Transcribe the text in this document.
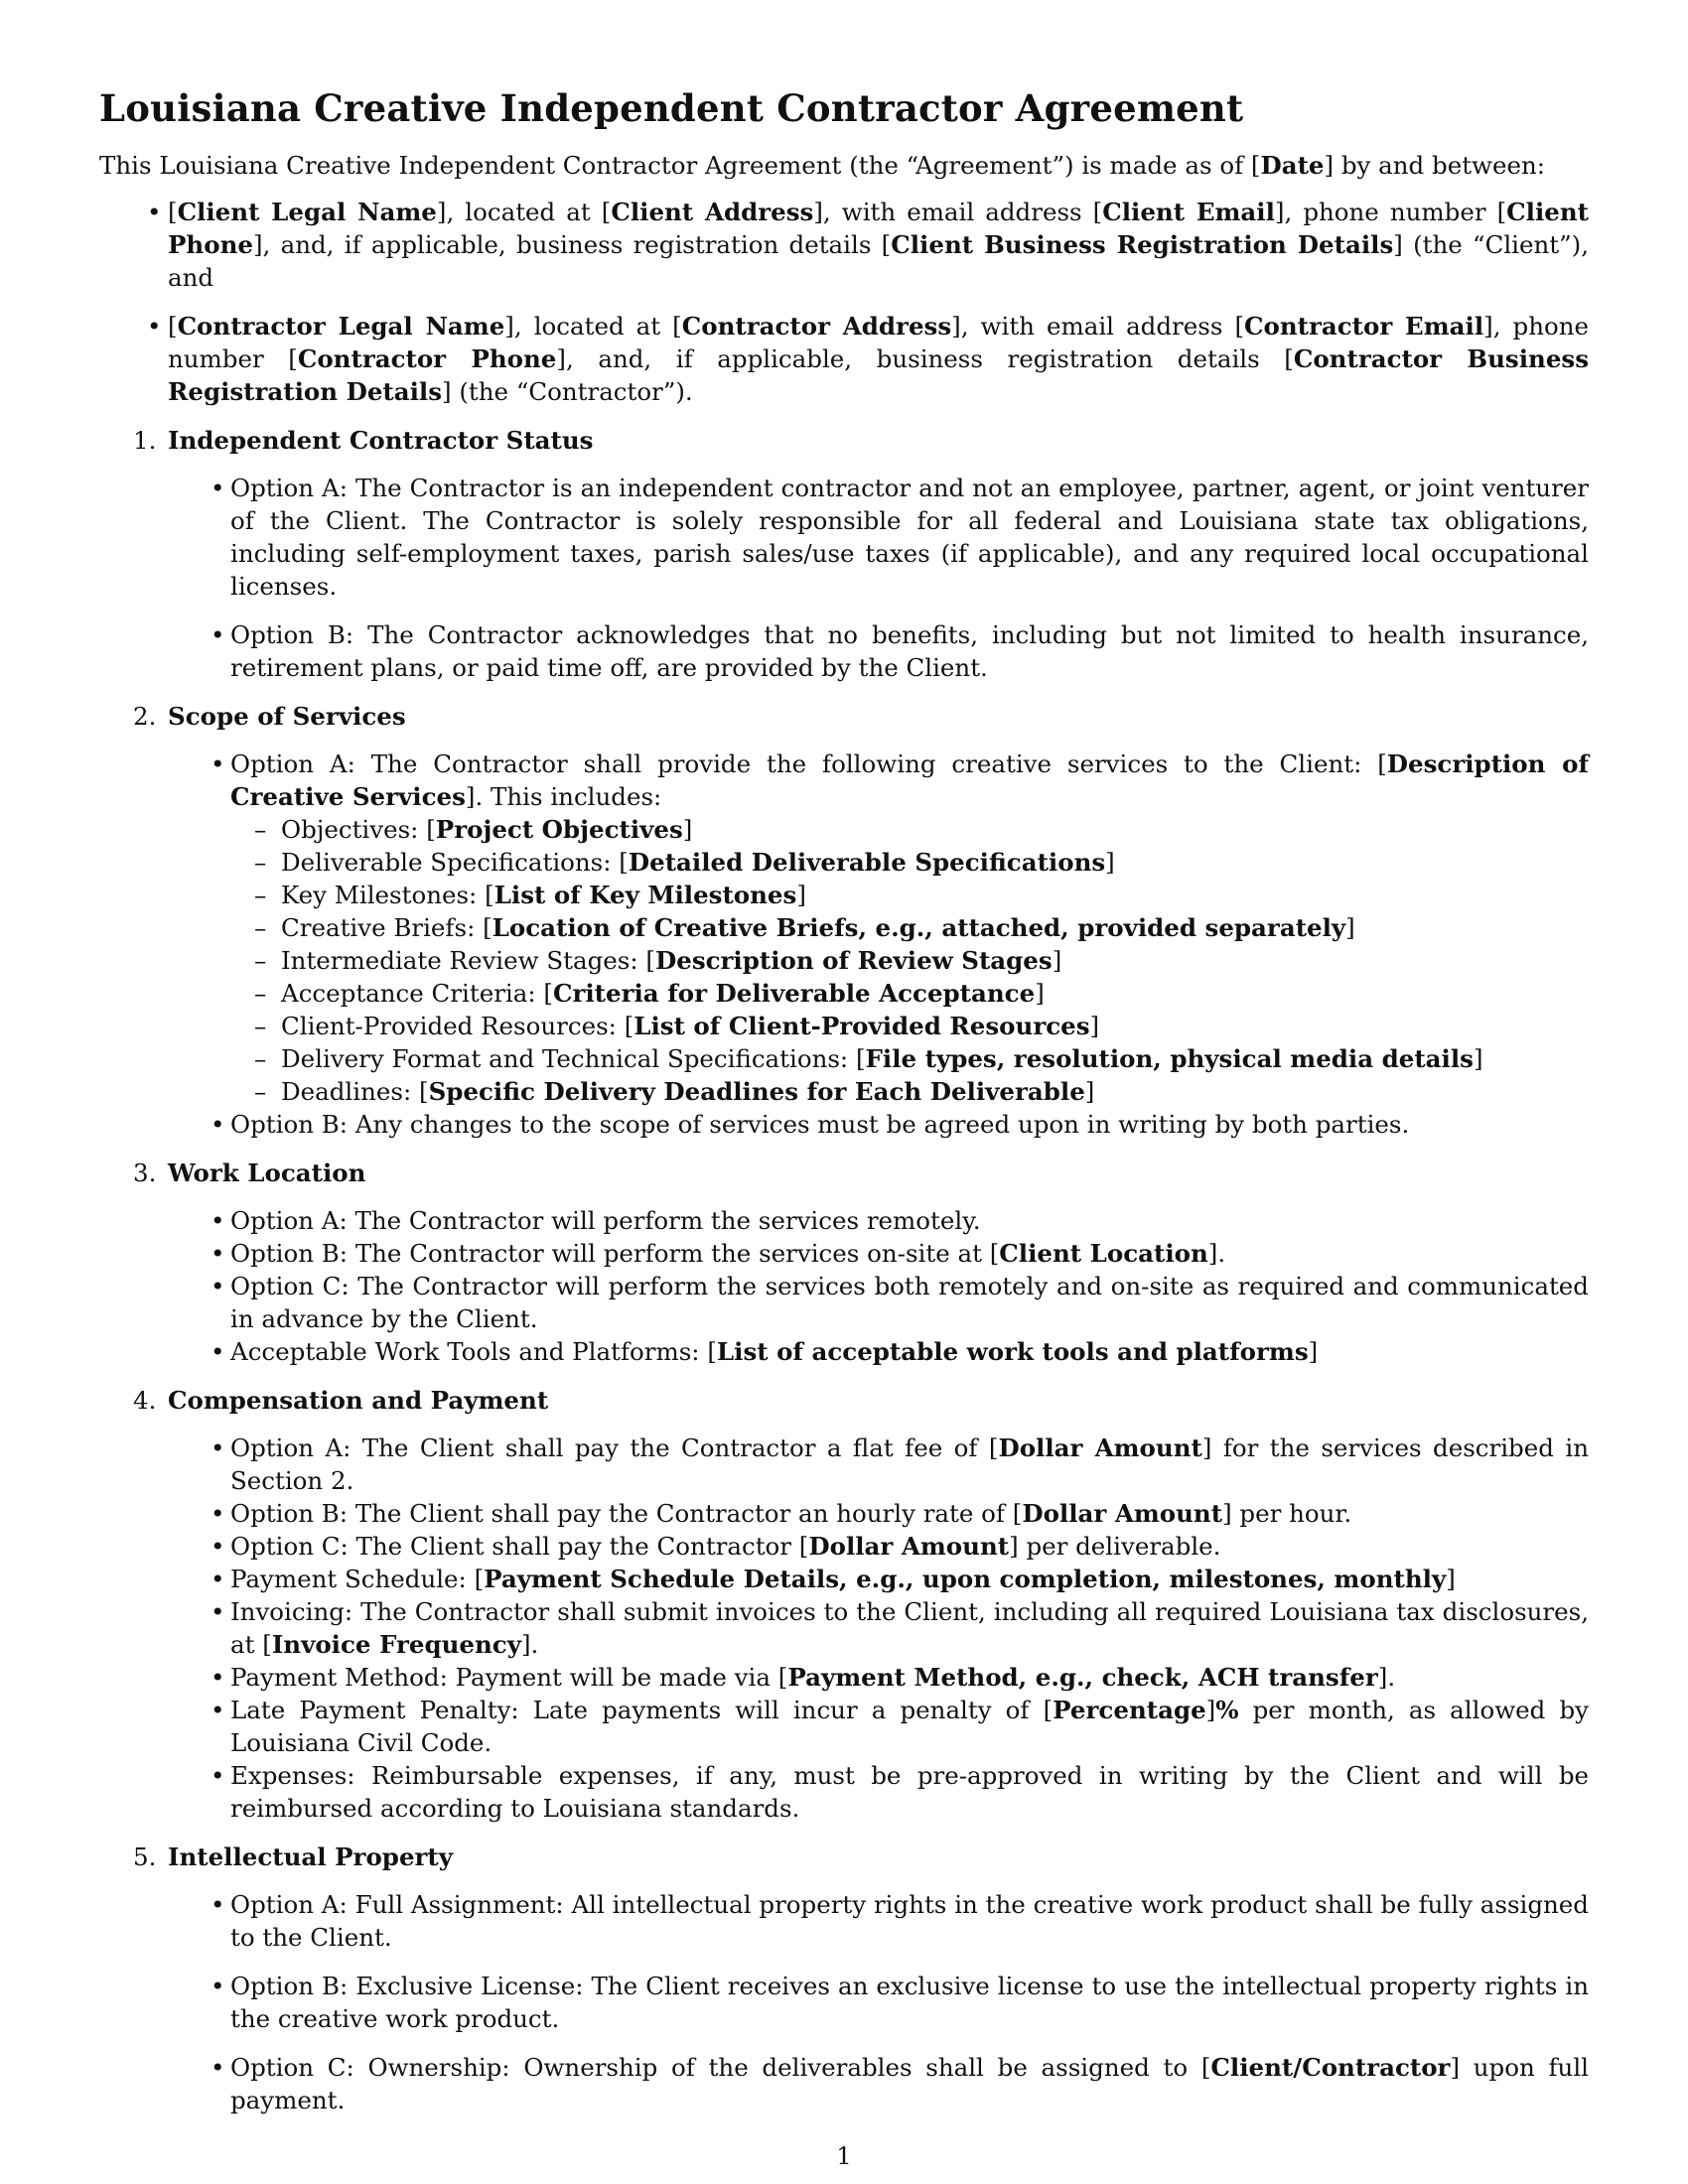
Louisiana Creative Independent Contractor Agreement

This Louisiana Creative Independent Contractor Agreement (the “Agreement”) is made as of [Date] by and between:

• [Client Legal Name], located at [Client Address], with email address [Client Email], phone number [Client Phone], and, if applicable, business registration details [Client Business Registration Details] (the “Client”), and
• [Contractor Legal Name], located at [Contractor Address], with email address [Contractor Email], phone number [Contractor Phone], and, if applicable, business registration details [Contractor Business Registration Details] (the “Contractor”).
1. Independent Contractor Status
• Option A: The Contractor is an independent contractor and not an employee, partner, agent, or joint venturer of the Client. The Contractor is solely responsible for all federal and Louisiana state tax obligations, including self-employment taxes, parish sales/use taxes (if applicable), and any required local occupational licenses.
• Option B: The Contractor acknowledges that no benefits, including but not limited to health insurance, retirement plans, or paid time off, are provided by the Client.
2. Scope of Services
• Option A: The Contractor shall provide the following creative services to the Client: [Description of Creative Services]. This includes:
– Objectives: [Project Objectives]
– Deliverable Specifications: [Detailed Deliverable Specifications]
– Key Milestones: [List of Key Milestones]
– Creative Briefs: [Location of Creative Briefs, e.g., attached, provided separately]
– Intermediate Review Stages: [Description of Review Stages]
– Acceptance Criteria: [Criteria for Deliverable Acceptance]
– Client-Provided Resources: [List of Client-Provided Resources]
– Delivery Format and Technical Specifications: [File types, resolution, physical media details]
– Deadlines: [Specific Delivery Deadlines for Each Deliverable]
• Option B: Any changes to the scope of services must be agreed upon in writing by both parties.
3. Work Location
• Option A: The Contractor will perform the services remotely.
• Option B: The Contractor will perform the services on-site at [Client Location].
• Option C: The Contractor will perform the services both remotely and on-site as required and communicated in advance by the Client.
• Acceptable Work Tools and Platforms: [List of acceptable work tools and platforms]
4. Compensation and Payment
• Option A: The Client shall pay the Contractor a flat fee of [Dollar Amount] for the services described in Section 2.
• Option B: The Client shall pay the Contractor an hourly rate of [Dollar Amount] per hour.
• Option C: The Client shall pay the Contractor [Dollar Amount] per deliverable.
• Payment Schedule: [Payment Schedule Details, e.g., upon completion, milestones, monthly]
• Invoicing: The Contractor shall submit invoices to the Client, including all required Louisiana tax disclosures, at [Invoice Frequency].
• Payment Method: Payment will be made via [Payment Method, e.g., check, ACH transfer].
• Late Payment Penalty: Late payments will incur a penalty of [Percentage]% per month, as allowed by Louisiana Civil Code.
• Expenses: Reimbursable expenses, if any, must be pre-approved in writing by the Client and will be reimbursed according to Louisiana standards.
5. Intellectual Property
• Option A: Full Assignment: All intellectual property rights in the creative work product shall be fully assigned to the Client.
• Option B: Exclusive License: The Client receives an exclusive license to use the intellectual property rights in the creative work product.
• Option C: Ownership: Ownership of the deliverables shall be assigned to [Client/Contractor] upon full payment.
1
